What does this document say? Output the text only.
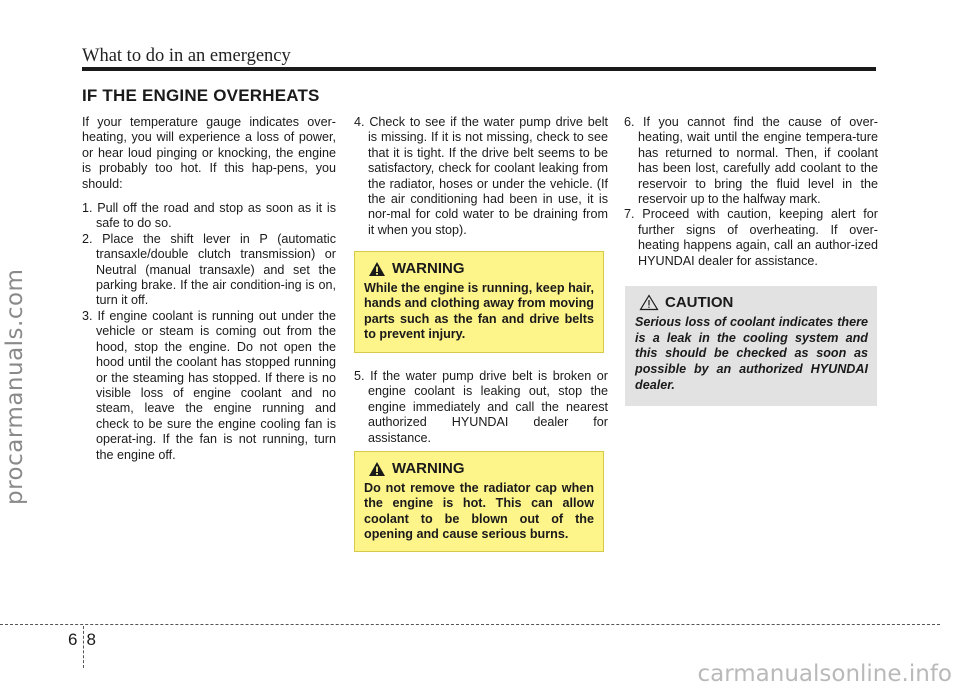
procarmanuals.com
What to do in an emergency
IF THE ENGINE OVERHEATS

If your temperature gauge indicates over-heating, you will experience a loss of power, or hear loud pinging or knocking, the engine is probably too hot. If this hap-pens, you should:

1. Pull off the road and stop as soon as it is safe to do so.

2. Place the shift lever in P (automatic transaxle/double clutch transmission) or Neutral (manual transaxle) and set the parking brake. If the air condition-ing is on, turn it off.

3. If engine coolant is running out under the vehicle or steam is coming out from the hood, stop the engine. Do not open the hood until the coolant has stopped running or the steaming has stopped. If there is no visible loss of engine coolant and no steam, leave the engine running and check to be sure the engine cooling fan is operat-ing. If the fan is not running, turn the engine off.

4. Check to see if the water pump drive belt is missing. If it is not missing, check to see that it is tight. If the drive belt seems to be satisfactory, check for coolant leaking from the radiator, hoses or under the vehicle. (If the air conditioning had been in use, it is nor-mal for cold water to be draining from it when you stop).

WARNING
While the engine is running, keep hair, hands and clothing away from moving parts such as the fan and drive belts to prevent injury.

5. If the water pump drive belt is broken or engine coolant is leaking out, stop the engine immediately and call the nearest authorized HYUNDAI dealer for assistance.

WARNING
Do not remove the radiator cap when the engine is hot. This can allow coolant to be blown out of the opening and cause serious burns.

6. If you cannot find the cause of over-heating, wait until the engine tempera-ture has returned to normal. Then, if coolant has been lost, carefully add coolant to the reservoir to bring the fluid level in the reservoir up to the halfway mark.

7. Proceed with caution, keeping alert for further signs of overheating. If over-heating happens again, call an author-ized HYUNDAI dealer for assistance.

CAUTION
Serious loss of coolant indicates there is a leak in the cooling system and this should be checked as soon as possible by an authorized HYUNDAI dealer.
68
carmanualsonline.info
